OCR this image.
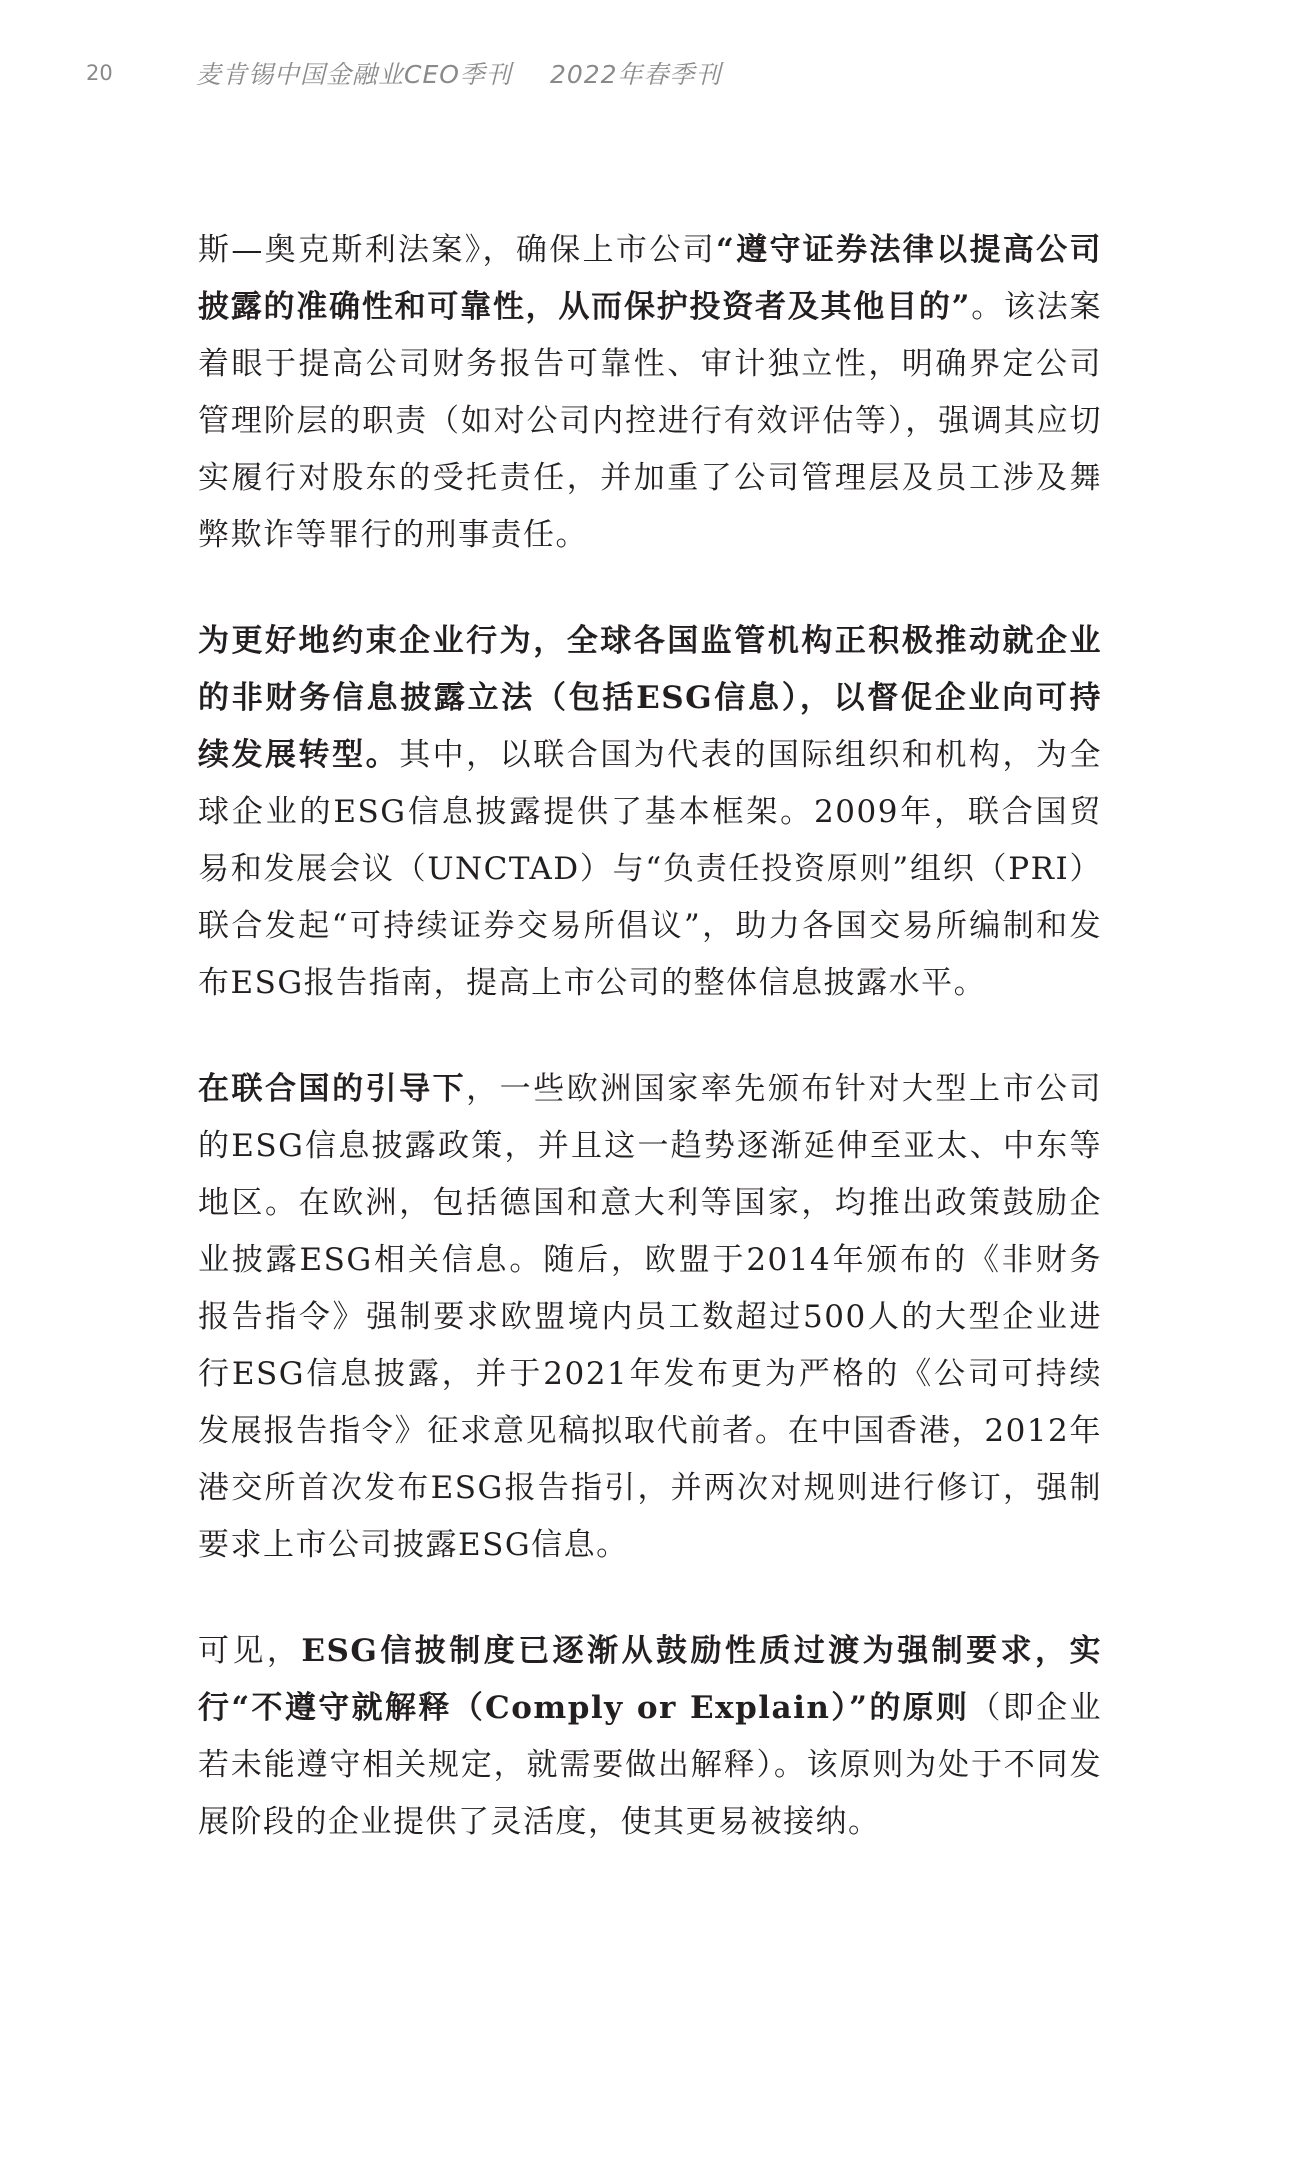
20	麦肯锡中国金融业CEO季刊 2022年春季刊

斯—奥克斯利法案》，确保上市公司“遵守证券法律以提高公司披露的准确性和可靠性，从而保护投资者及其他目的”。该法案着眼于提高公司财务报告可靠性、审计独立性，明确界定公司管理阶层的职责（如对公司内控进行有效评估等），强调其应切实履行对股东的受托责任，并加重了公司管理层及员工涉及舞弊欺诈等罪行的刑事责任。

为更好地约束企业行为，全球各国监管机构正积极推动就企业的非财务信息披露立法（包括ESG信息），以督促企业向可持续发展转型。其中，以联合国为代表的国际组织和机构，为全球企业的ESG信息披露提供了基本框架。2009年，联合国贸易和发展会议（UNCTAD）与“负责任投资原则”组织（PRI）联合发起“可持续证券交易所倡议”，助力各国交易所编制和发布ESG报告指南，提高上市公司的整体信息披露水平。

在联合国的引导下，一些欧洲国家率先颁布针对大型上市公司的ESG信息披露政策，并且这一趋势逐渐延伸至亚太、中东等地区。在欧洲，包括德国和意大利等国家，均推出政策鼓励企业披露ESG相关信息。随后，欧盟于2014年颁布的《非财务报告指令》强制要求欧盟境内员工数超过500人的大型企业进行ESG信息披露，并于2021年发布更为严格的《公司可持续发展报告指令》征求意见稿拟取代前者。在中国香港，2012年港交所首次发布ESG报告指引，并两次对规则进行修订，强制要求上市公司披露ESG信息。

可见，ESG信披制度已逐渐从鼓励性质过渡为强制要求，实行“不遵守就解释（Comply or Explain）”的原则（即企业若未能遵守相关规定，就需要做出解释）。该原则为处于不同发展阶段的企业提供了灵活度，使其更易被接纳。
